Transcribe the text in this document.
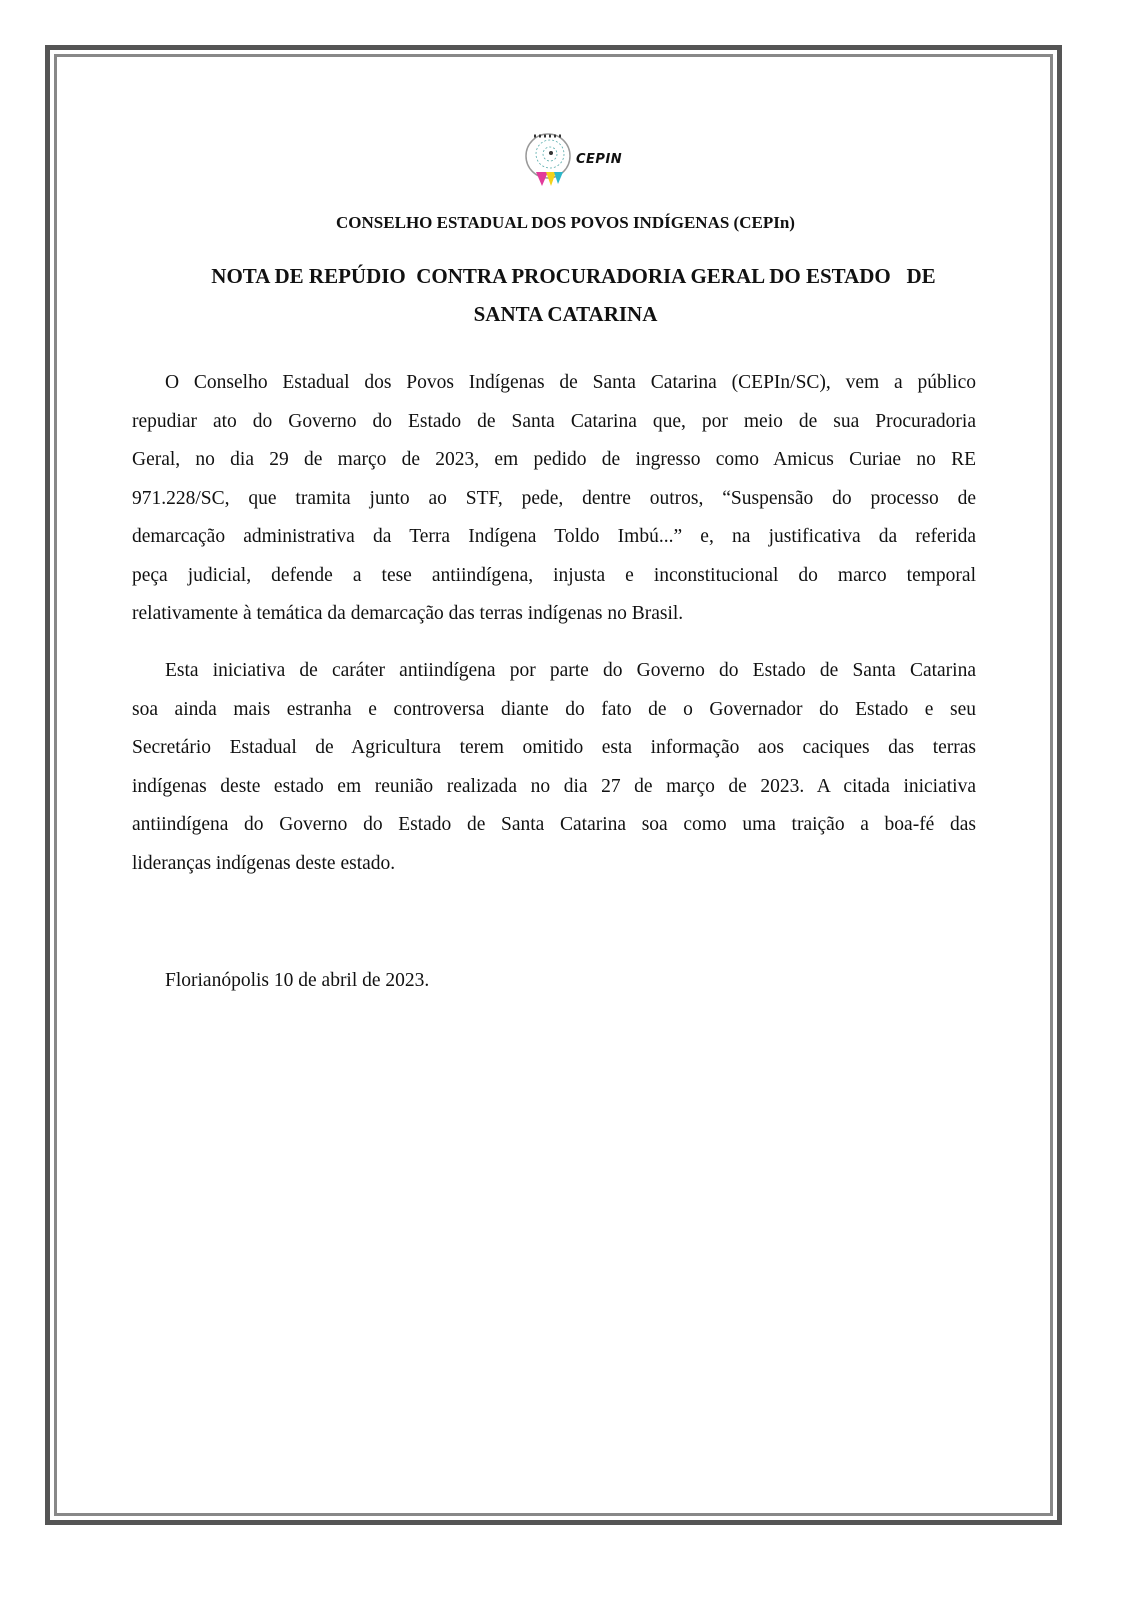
CEPIN
CONSELHO ESTADUAL DOS POVOS INDÍGENAS (CEPIn)
NOTA DE REPÚDIO  CONTRA PROCURADORIA GERAL DO ESTADO   DE
SANTA CATARINA
O Conselho Estadual dos Povos Indígenas de Santa Catarina (CEPIn/SC), vem a público
repudiar ato do Governo do Estado de Santa Catarina que, por meio de sua Procuradoria
Geral, no dia 29 de março de 2023, em pedido de ingresso como Amicus Curiae no RE
971.228/SC, que tramita junto ao STF, pede, dentre outros, “Suspensão do processo de
demarcação administrativa da Terra Indígena Toldo Imbú...” e, na justificativa da referida
peça judicial, defende a tese antiindígena, injusta e inconstitucional do marco temporal
relativamente à temática da demarcação das terras indígenas no Brasil.
Esta iniciativa de caráter antiindígena por parte do Governo do Estado de Santa Catarina
soa ainda mais estranha e controversa diante do fato de o Governador do Estado e seu
Secretário Estadual de Agricultura terem omitido esta informação aos caciques das terras
indígenas deste estado em reunião realizada no dia 27 de março de 2023. A citada iniciativa
antiindígena do Governo do Estado de Santa Catarina soa como uma traição a boa-fé das
lideranças indígenas deste estado.
Florianópolis 10 de abril de 2023.
